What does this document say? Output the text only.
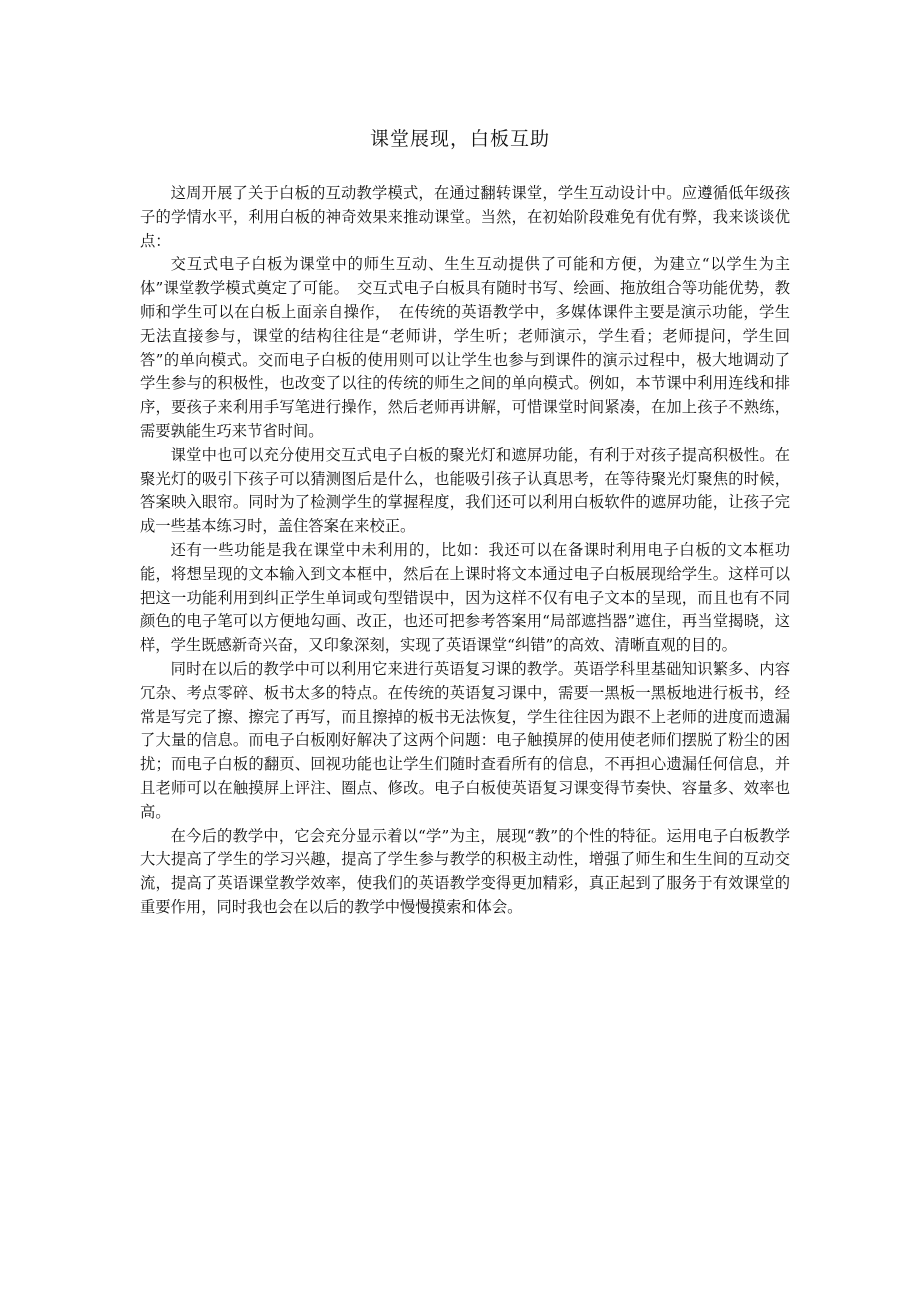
课堂展现，白板互助

这周开展了关于白板的互动教学模式，在通过翻转课堂，学生互动设计中。应遵循低年级孩子的学情水平，利用白板的神奇效果来推动课堂。当然，在初始阶段难免有优有弊，我来谈谈优点：

交互式电子白板为课堂中的师生互动、生生互动提供了可能和方便，为建立“以学生为主体”课堂教学模式奠定了可能。　交互式电子白板具有随时书写、绘画、拖放组合等功能优势，教师和学生可以在白板上面亲自操作，　在传统的英语教学中，多媒体课件主要是演示功能，学生无法直接参与，课堂的结构往往是“老师讲，学生听；老师演示，学生看；老师提问，学生回答”的单向模式。交而电子白板的使用则可以让学生也参与到课件的演示过程中，极大地调动了学生参与的积极性，也改变了以往的传统的师生之间的单向模式。例如，本节课中利用连线和排序，要孩子来利用手写笔进行操作，然后老师再讲解，可惜课堂时间紧凑，在加上孩子不熟练，需要孰能生巧来节省时间。

课堂中也可以充分使用交互式电子白板的聚光灯和遮屏功能，有利于对孩子提高积极性。在聚光灯的吸引下孩子可以猜测图后是什么，也能吸引孩子认真思考，在等待聚光灯聚焦的时候，答案映入眼帘。同时为了检测学生的掌握程度，我们还可以利用白板软件的遮屏功能，让孩子完成一些基本练习时，盖住答案在来校正。

还有一些功能是我在课堂中未利用的，比如：我还可以在备课时利用电子白板的文本框功能，将想呈现的文本输入到文本框中，然后在上课时将文本通过电子白板展现给学生。这样可以把这一功能利用到纠正学生单词或句型错误中，因为这样不仅有电子文本的呈现，而且也有不同颜色的电子笔可以方便地勾画、改正，也还可把参考答案用“局部遮挡器”遮住，再当堂揭晓，这样，学生既感新奇兴奋，又印象深刻，实现了英语课堂“纠错”的高效、清晰直观的目的。

同时在以后的教学中可以利用它来进行英语复习课的教学。英语学科里基础知识繁多、内容冗杂、考点零碎、板书太多的特点。在传统的英语复习课中，需要一黑板一黑板地进行板书，经常是写完了擦、擦完了再写，而且擦掉的板书无法恢复，学生往往因为跟不上老师的进度而遗漏了大量的信息。而电子白板刚好解决了这两个问题：电子触摸屏的使用使老师们摆脱了粉尘的困扰；而电子白板的翻页、回视功能也让学生们随时查看所有的信息，不再担心遗漏任何信息，并且老师可以在触摸屏上评注、圈点、修改。电子白板使英语复习课变得节奏快、容量多、效率也高。

在今后的教学中，它会充分显示着以“学”为主，展现“教”的个性的特征。运用电子白板教学大大提高了学生的学习兴趣，提高了学生参与教学的积极主动性，增强了师生和生生间的互动交流，提高了英语课堂教学效率，使我们的英语教学变得更加精彩，真正起到了服务于有效课堂的重要作用，同时我也会在以后的教学中慢慢摸索和体会。
